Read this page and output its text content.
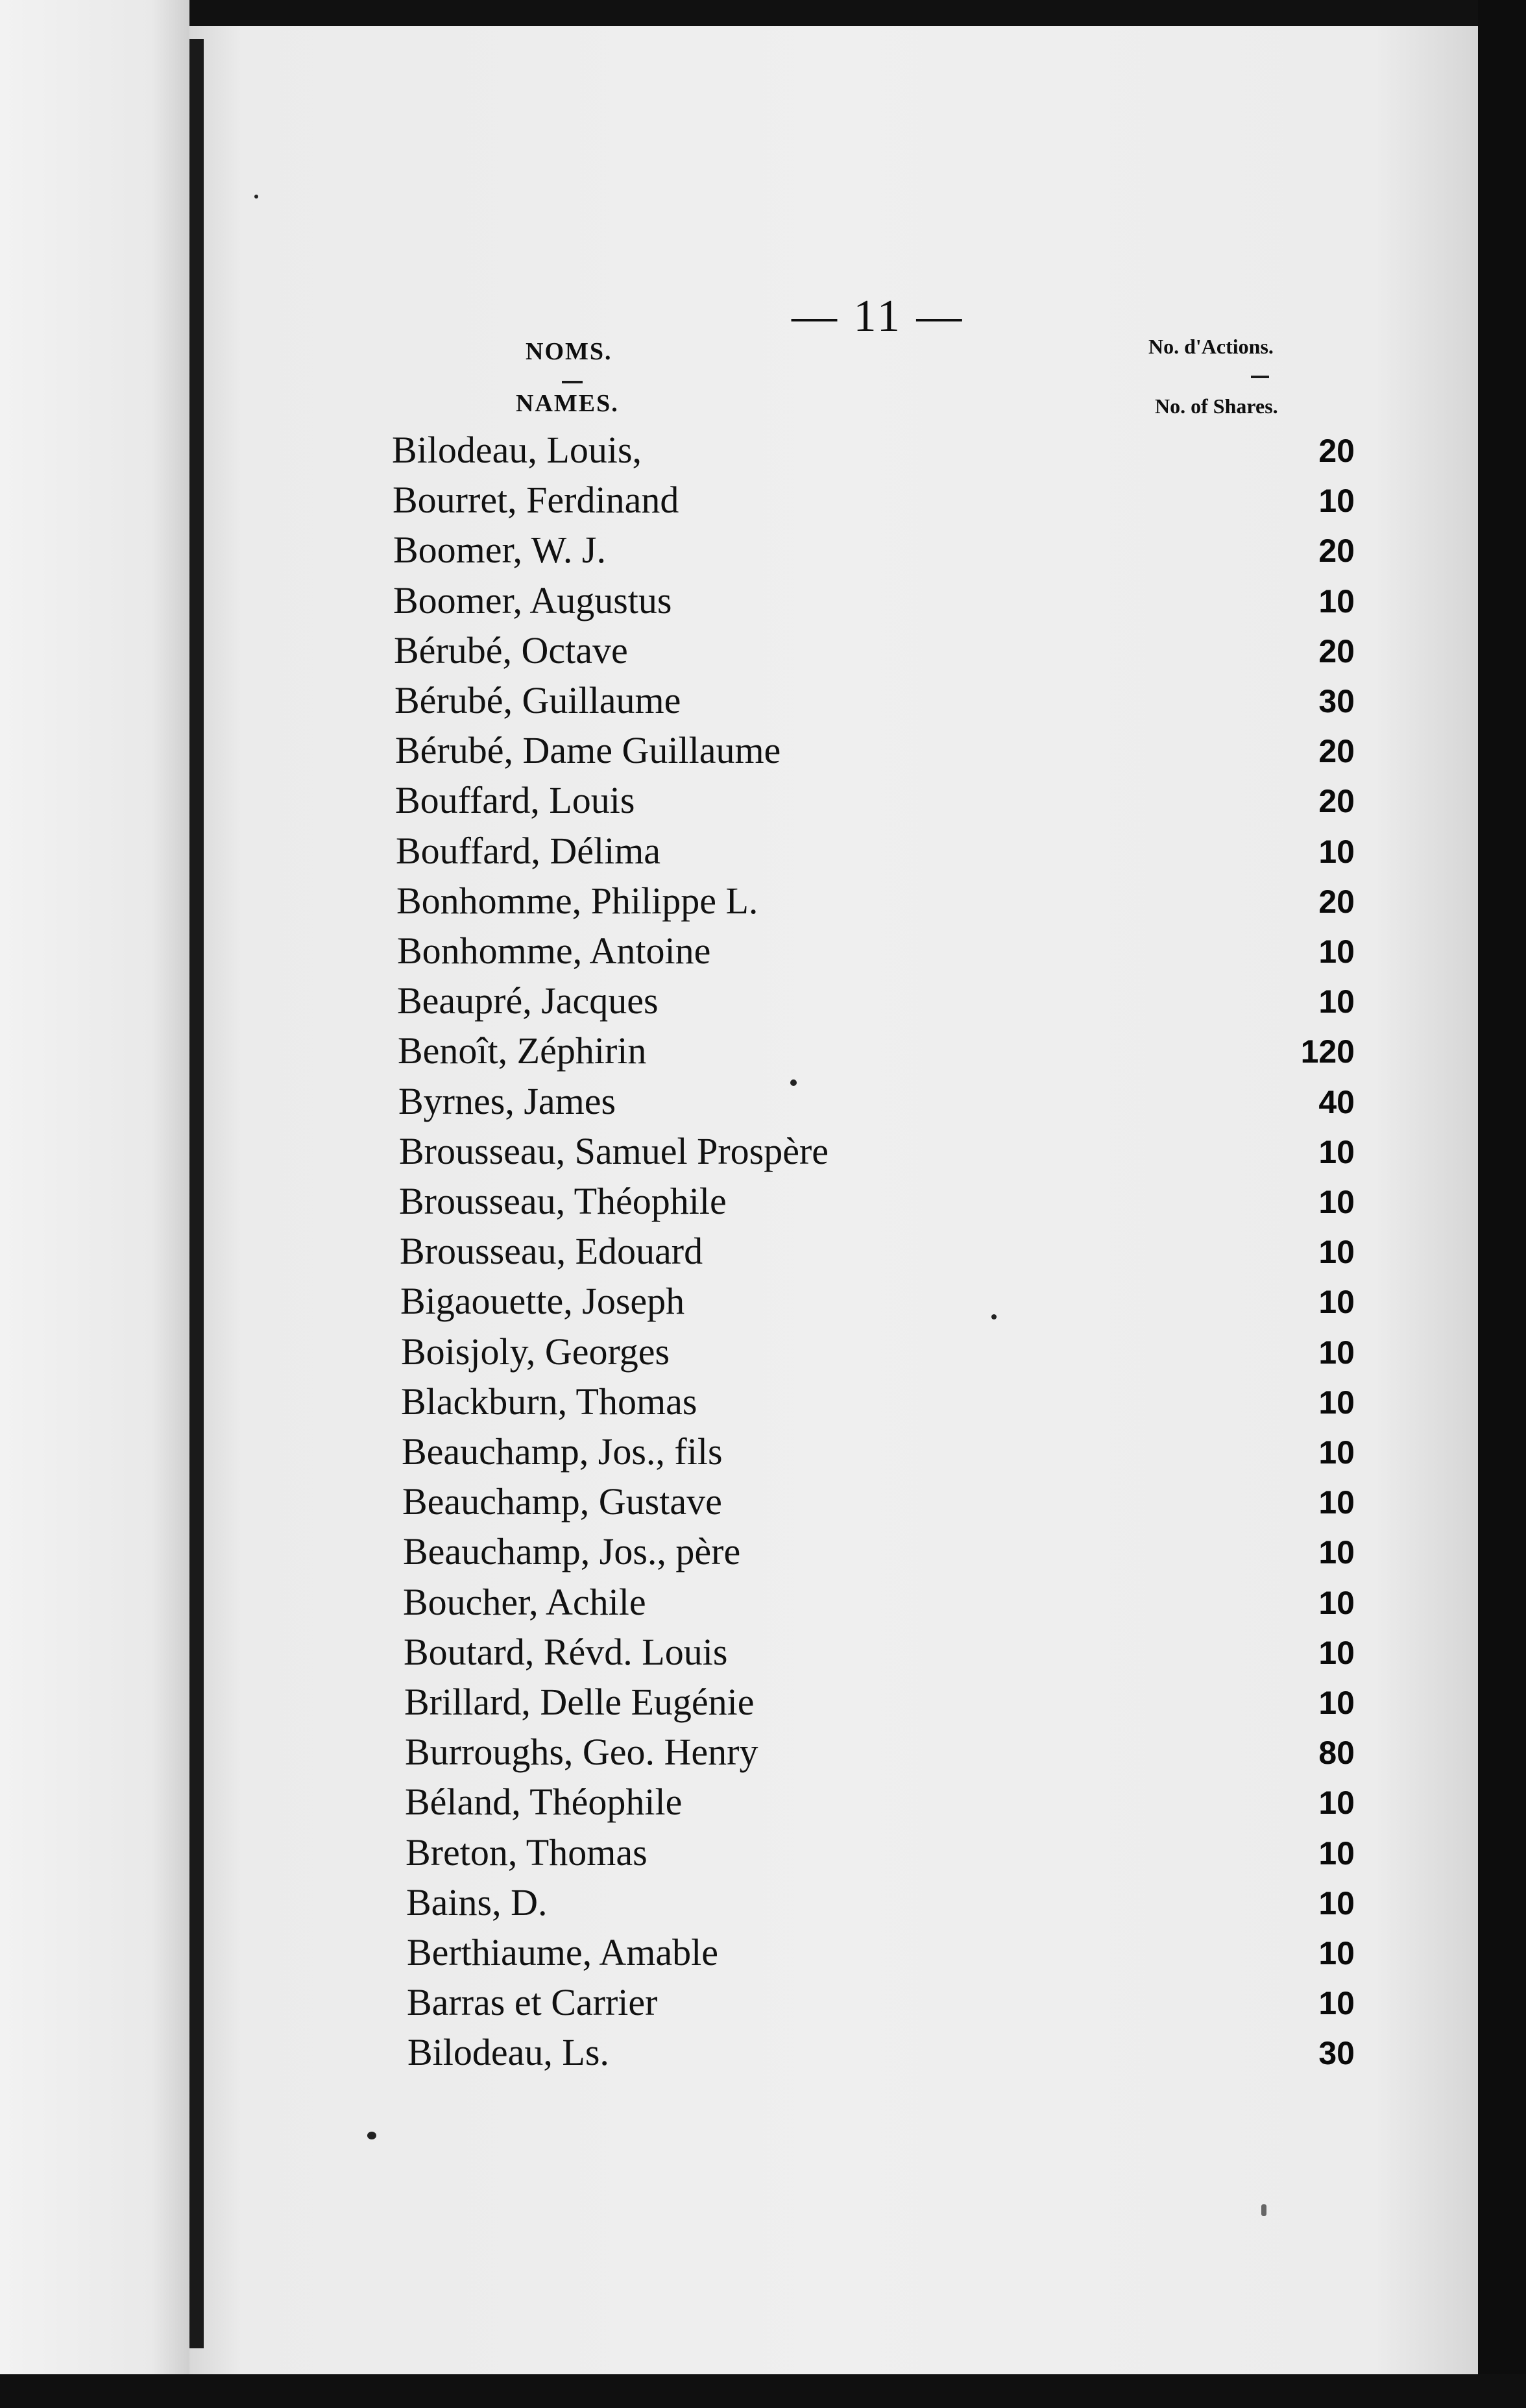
— 11 —
NOMS.
NAMES.
No. d'Actions.
No. of Shares.
Bilodeau, Louis,	20
Bourret, Ferdinand	10
Boomer, W. J.	20
Boomer, Augustus	10
Bérubé, Octave	20
Bérubé, Guillaume	30
Bérubé, Dame Guillaume	20
Bouffard, Louis	20
Bouffard, Délima	10
Bonhomme, Philippe L.	20
Bonhomme, Antoine	10
Beaupré, Jacques	10
Benoît, Zéphirin	120
Byrnes, James	40
Brousseau, Samuel Prospère	10
Brousseau, Théophile	10
Brousseau, Edouard	10
Bigaouette, Joseph	10
Boisjoly, Georges	10
Blackburn, Thomas	10
Beauchamp, Jos., fils	10
Beauchamp, Gustave	10
Beauchamp, Jos., père	10
Boucher, Achile	10
Boutard, Révd. Louis	10
Brillard, Delle Eugénie	10
Burroughs, Geo. Henry	80
Béland, Théophile	10
Breton, Thomas	10
Bains, D.	10
Berthiaume, Amable	10
Barras et Carrier	10
Bilodeau, Ls.	30
